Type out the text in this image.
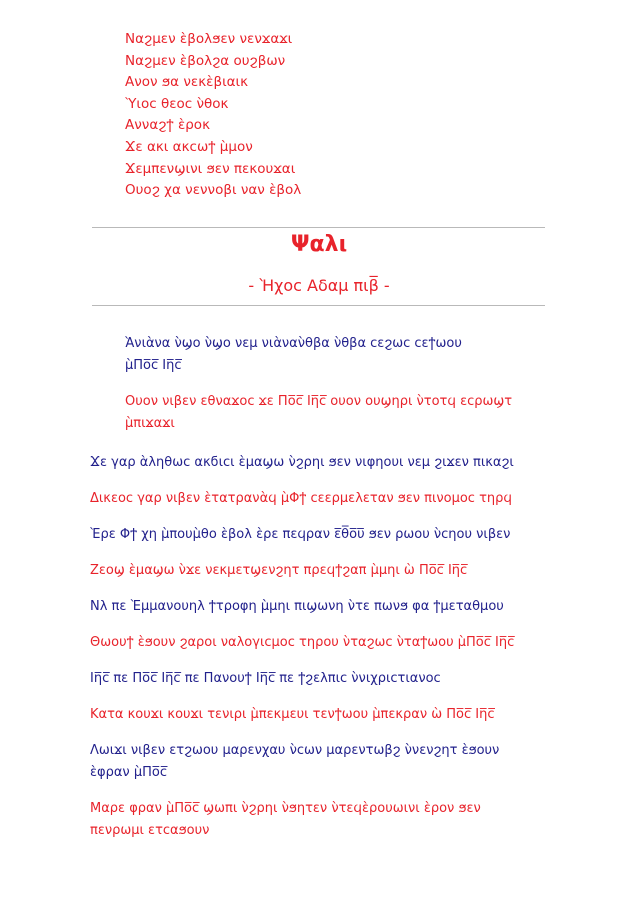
Ναϩμεν ὲβολϧεν νενϫαϫι
Ναϩμεν ὲβολϩα ουϩβων
Ανον ϧα νεκὲβιαικ
Ὺιοϲ θεοϲ ν̀θοκ
Ανναϩϯ ὲροκ
Ϫε ακι ακϲωϯ μ̀μον
Ϫεμπενϣινι ϧεν πεκουϫαι
Ουοϩ χα νεννοβι ναν ὲβολ
Ψαλι
- Ὴχοϲ Αδαμ πιβ̅ -
Ὰνιὰνα ν̀ϣο ν̀ϣο νεμ νιὰναν̀θβα ν̀θβα ϲεϩωϲ ϲεϯωου
μ̀Πο̅ϲ̅ Ιη̅ϲ̅
Ουον νιβεν εθναϫοϲ ϫε Πο̅ϲ̅ Ιη̅ϲ̅ ουον ουϣηρι ν̀τοτϥ εϲρωϣτ
μ̀πιϫαϫι
Ϫε γαρ ὰληθωϲ ακϭιϲι ὲμαϣω ν̀ϩρηι ϧεν νιφηουι νεμ ϩιϫεν πικαϩι
Δικεοϲ γαρ νιβεν ὲτατρανὰϥ μ̀Φϯ ϲεερμελεταν ϧεν πινομοϲ τηρϥ
Ὲρε Φϯ χη μ̀πουμ̀θο ὲβολ ὲρε πεϥραν ε̅θ̅ο̅υ̅ ϧεν ρωου ν̀ϲηου νιβεν
Ζεοϣ ὲμαϣω ν̀ϫε νεκμετϣενϩητ πρεϥϯϩαπ μ̀μηι ὼ Πο̅ϲ̅ Ιη̅ϲ̅
Νλ πε Ὲμμανουηλ ϯτροφη μ̀μηι πιϣωνη ν̀τε πωνϧ φα ϯμεταθμου
Θωουϯ ὲϧουν ϩαροι ναλογιϲμοϲ τηρου ν̀ταϩωϲ ν̀ταϯωου μ̀Πο̅ϲ̅ Ιη̅ϲ̅
Ιη̅ϲ̅ πε Πο̅ϲ̅ Ιη̅ϲ̅ πε Πανουϯ Ιη̅ϲ̅ πε ϯϩελπιϲ ν̀νιχριϲτιανοϲ
Κατα κουϫι κουϫι τενιρι μ̀πεκμευι τενϯωου μ̀πεκραν ὼ Πο̅ϲ̅ Ιη̅ϲ̅
Λωιϫι νιβεν ετϩωου μαρενχαυ ν̀ϲων μαρεντωβϩ ν̀νενϩητ ὲϧουν
ὲφραν μ̀Πο̅ϲ̅
Μαρε φραν μ̀Πο̅ϲ̅ ϣωπι ν̀ϩρηι ν̀ϧητεν ν̀τεϥὲρουωινι ὲρον ϧεν
πενρωμι ετϲαϧουν
